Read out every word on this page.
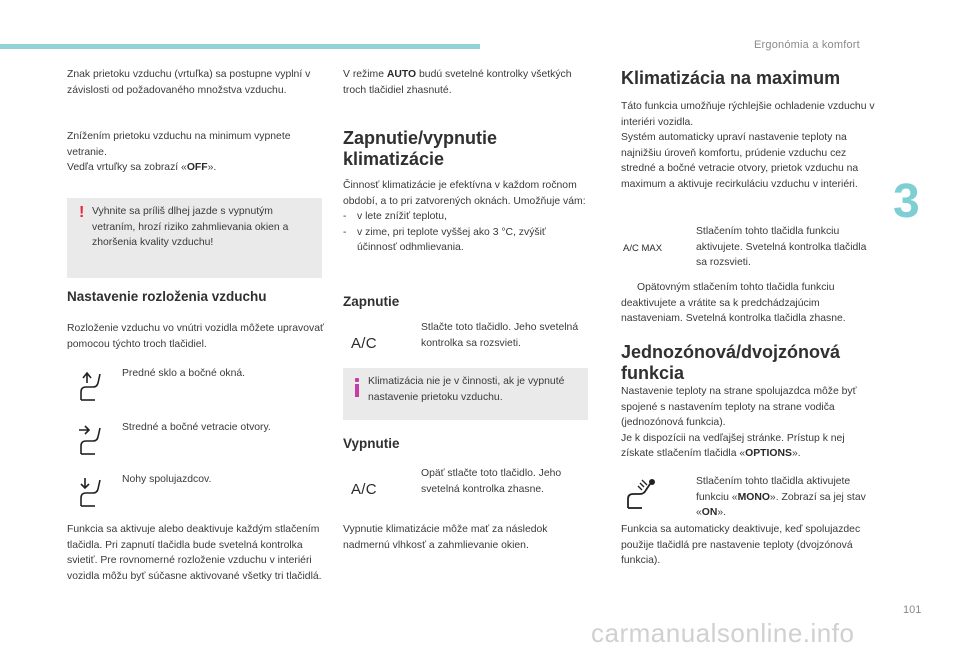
Ergonómia a komfort
3
101
carmanualsonline.info

Znak prietoku vzduchu (vrtuľka) sa postupne vyplní v závislosti od požadovaného množstva vzduchu.

Znížením prietoku vzduchu na minimum vypnete vetranie.

Vedľa vrtuľky sa zobrazí «OFF».

! Vyhnite sa príliš dlhej jazde s vypnutým vetraním, hrozí riziko zahmlievania okien a zhoršenia kvality vzduchu!

Nastavenie rozloženia vzduchu

Rozloženie vzduchu vo vnútri vozidla môžete upravovať pomocou týchto troch tlačidiel.

Predné sklo a bočné okná.
Stredné a bočné vetracie otvory.
Nohy spolujazdcov.

Funkcia sa aktivuje alebo deaktivuje každým stlačením tlačidla. Pri zapnutí tlačidla bude svetelná kontrolka svietiť. Pre rovnomerné rozloženie vzduchu v interiéri vozidla môžu byť súčasne aktivované všetky tri tlačidlá.

V režime AUTO budú svetelné kontrolky všetkých troch tlačidiel zhasnuté.

Zapnutie/vypnutie klimatizácie

Činnosť klimatizácie je efektívna v každom ročnom období, a to pri zatvorených oknách. Umožňuje vám:

- v lete znížiť teplotu,
- v zime, pri teplote vyššej ako 3 °C, zvýšiť účinnosť odhmlievania.

Zapnutie

A/C
Stlačte toto tlačidlo. Jeho svetelná kontrolka sa rozsvieti.
Klimatizácia nie je v činnosti, ak je vypnuté nastavenie prietoku vzduchu.

Vypnutie

A/C
Opäť stlačte toto tlačidlo. Jeho svetelná kontrolka zhasne.

Vypnutie klimatizácie môže mať za následok nadmernú vlhkosť a zahmlievanie okien.

Klimatizácia na maximum

Táto funkcia umožňuje rýchlejšie ochladenie vzduchu v interiéri vozidla.

Systém automaticky upraví nastavenie teploty na najnižšiu úroveň komfortu, prúdenie vzduchu cez stredné a bočné vetracie otvory, prietok vzduchu na maximum a aktivuje recirkuláciu vzduchu v interiéri.

A/C MAX
Stlačením tohto tlačidla funkciu aktivujete. Svetelná kontrolka tlačidla sa rozsvieti.
Opätovným stlačením tohto tlačidla funkciu deaktivujete a vrátite sa k predchádzajúcim nastaveniam. Svetelná kontrolka tlačidla zhasne.

Jednozónová/dvojzónová funkcia

Nastavenie teploty na strane spolujazdca môže byť spojené s nastavením teploty na strane vodiča (jednozónová funkcia).

Je k dispozícii na vedľajšej stránke. Prístup k nej získate stlačením tlačidla «OPTIONS».

Stlačením tohto tlačidla aktivujete funkciu «MONO». Zobrazí sa jej stav «ON».

Funkcia sa automaticky deaktivuje, keď spolujazdec použije tlačidlá pre nastavenie teploty (dvojzónová funkcia).
